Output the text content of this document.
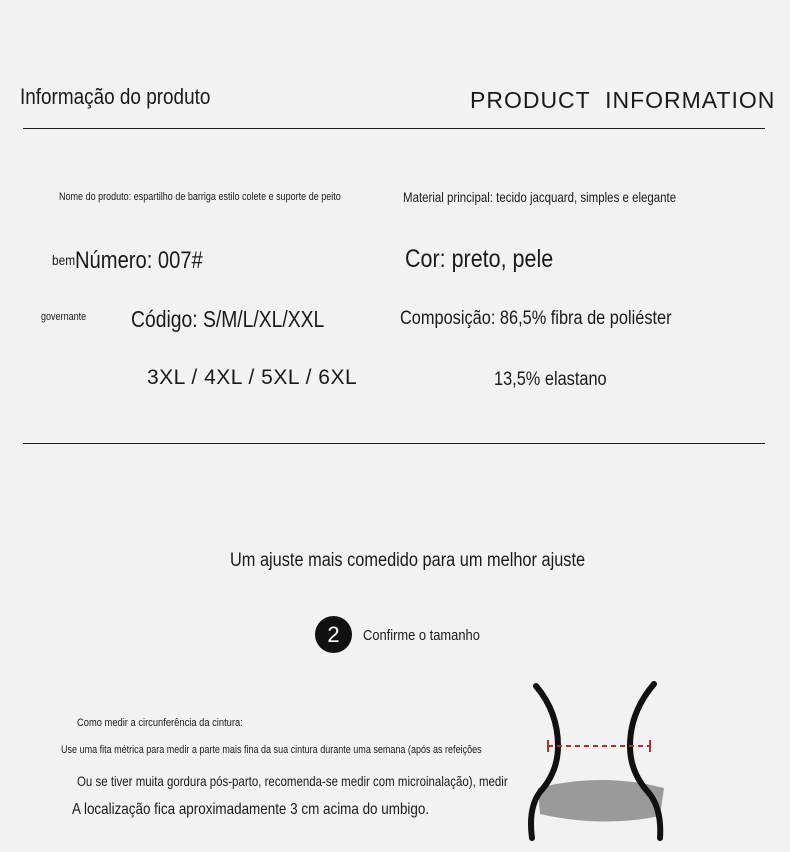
Informação do produto	PRODUCT  INFORMATION
Nome do produto: espartilho de barriga estilo colete e suporte de peito	Material principal: tecido jacquard, simples e elegante
bem Número: 007#	Cor: preto, pele
governante Código: S/M/L/XL/XXL	Composição: 86,5% fibra de poliéster
3XL / 4XL / 5XL / 6XL	13,5% elastano
Um ajuste mais comedido para um melhor ajuste
2 Confirme o tamanho
Como medir a circunferência da cintura:
Use uma fita métrica para medir a parte mais fina da sua cintura durante uma semana (após as refeições
Ou se tiver muita gordura pós-parto, recomenda-se medir com microinalação), medir
A localização fica aproximadamente 3 cm acima do umbigo.
